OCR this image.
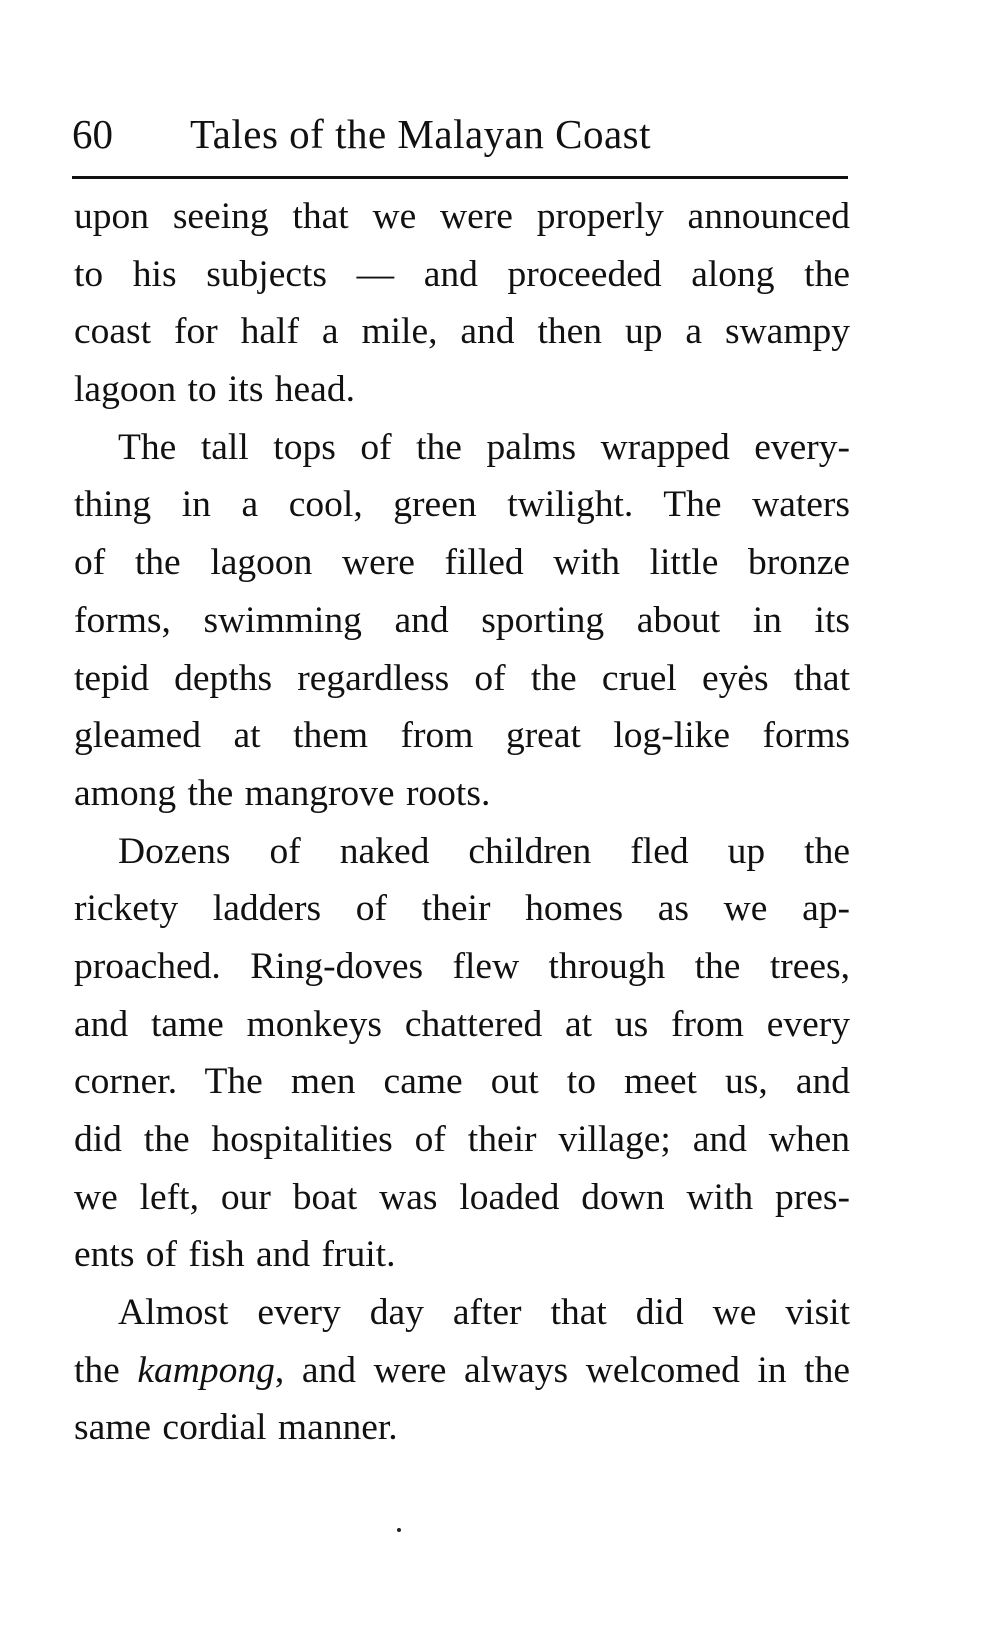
60 Tales of the Malayan Coast

upon seeing that we were properly announced
to his subjects — and proceeded along the
coast for half a mile, and then up a swampy
lagoon to its head.

The tall tops of the palms wrapped every-
thing in a cool, green twilight. The waters
of the lagoon were filled with little bronze
forms, swimming and sporting about in its
tepid depths regardless of the cruel eyės that
gleamed at them from great log-like forms
among the mangrove roots.

Dozens of naked children fled up the
rickety ladders of their homes as we ap-
proached. Ring-doves flew through the trees,
and tame monkeys chattered at us from every
corner. The men came out to meet us, and
did the hospitalities of their village; and when
we left, our boat was loaded down with pres-
ents of fish and fruit.

Almost every day after that did we visit
the kampong, and were always welcomed in the
same cordial manner.
